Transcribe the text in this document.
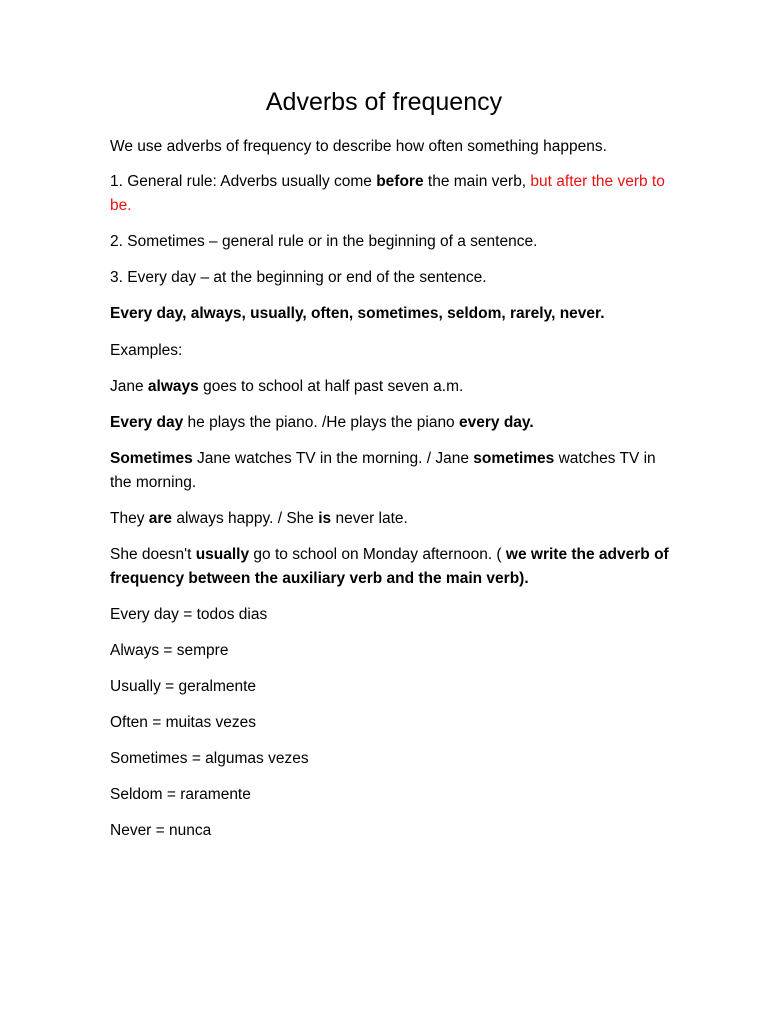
Adverbs of frequency

We use adverbs of frequency to describe how often something happens.

1. General rule: Adverbs usually come before the main verb, but after the verb to be.

2. Sometimes – general rule or in the beginning of a sentence.

3. Every day – at the beginning or end of the sentence.

Every day, always, usually, often, sometimes, seldom, rarely, never.

Examples:

Jane always goes to school at half past seven a.m.

Every day he plays the piano. /He plays the piano every day.

Sometimes Jane watches TV in the morning. / Jane sometimes watches TV in the morning.

They are always happy. / She is never late.

She doesn't usually go to school on Monday afternoon. ( we write the adverb of frequency between the auxiliary verb and the main verb).

Every day = todos dias

Always = sempre

Usually = geralmente

Often = muitas vezes

Sometimes = algumas vezes

Seldom = raramente

Never = nunca
